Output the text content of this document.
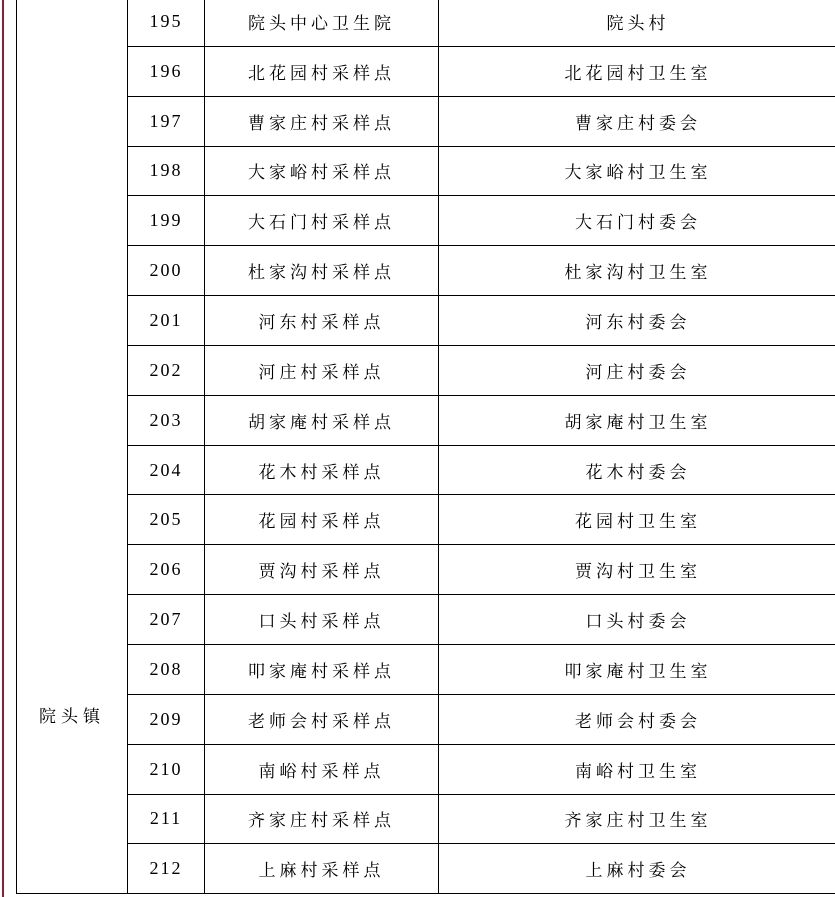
院头镇	195	院头中心卫生院	院头村
	196	北花园村采样点	北花园村卫生室
	197	曹家庄村采样点	曹家庄村委会
	198	大家峪村采样点	大家峪村卫生室
	199	大石门村采样点	大石门村委会
	200	杜家沟村采样点	杜家沟村卫生室
	201	河东村采样点	河东村委会
	202	河庄村采样点	河庄村委会
	203	胡家庵村采样点	胡家庵村卫生室
	204	花木村采样点	花木村委会
	205	花园村采样点	花园村卫生室
	206	贾沟村采样点	贾沟村卫生室
	207	口头村采样点	口头村委会
	208	叩家庵村采样点	叩家庵村卫生室
	209	老师会村采样点	老师会村委会
	210	南峪村采样点	南峪村卫生室
	211	齐家庄村采样点	齐家庄村卫生室
	212	上麻村采样点	上麻村委会
